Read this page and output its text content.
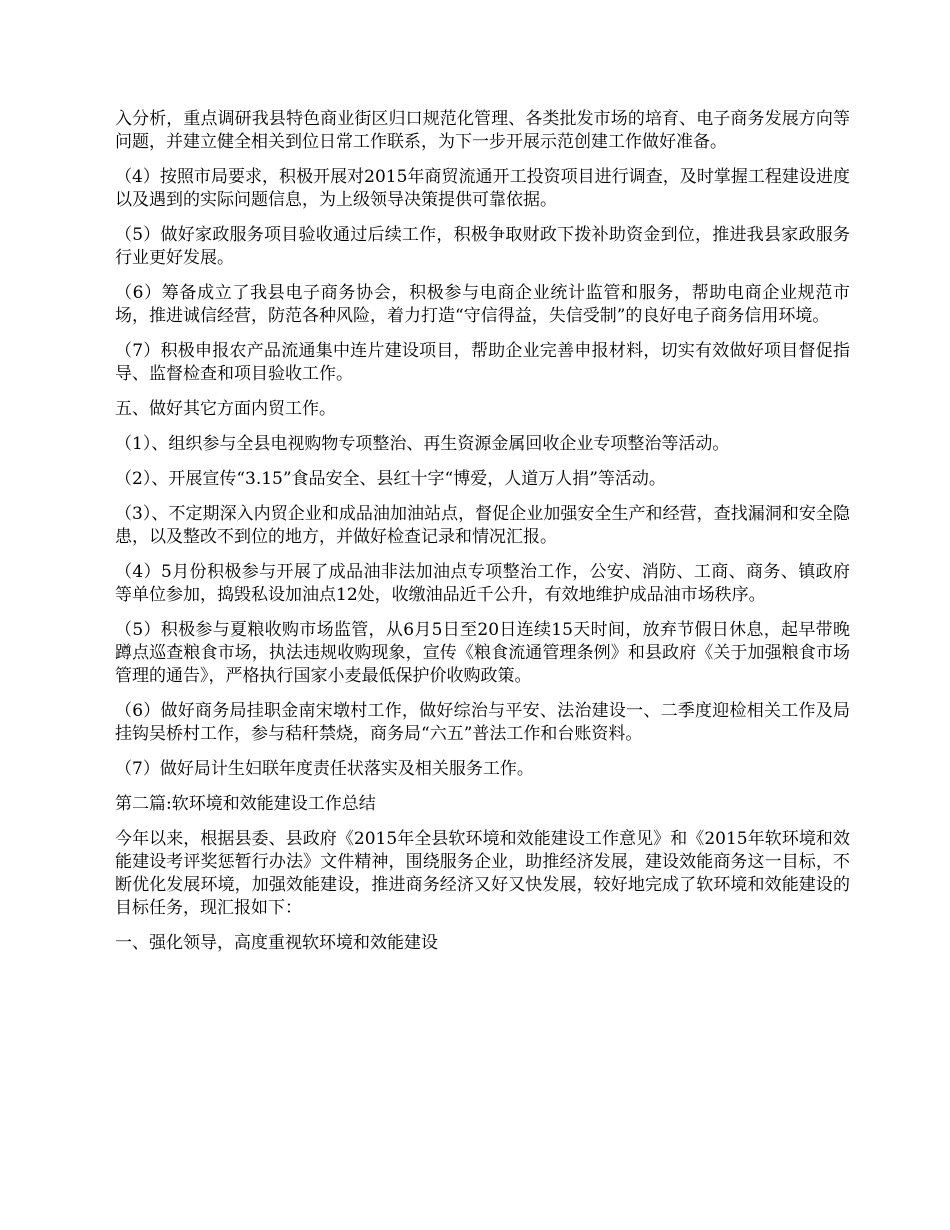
入分析，重点调研我县特色商业街区归口规范化管理、各类批发市场的培育、电子商务发展方向等问题，并建立健全相关到位日常工作联系，为下一步开展示范创建工作做好准备。

（4）按照市局要求，积极开展对2015年商贸流通开工投资项目进行调查，及时掌握工程建设进度以及遇到的实际问题信息，为上级领导决策提供可靠依据。

（5）做好家政服务项目验收通过后续工作，积极争取财政下拨补助资金到位，推进我县家政服务行业更好发展。

（6）筹备成立了我县电子商务协会，积极参与电商企业统计监管和服务，帮助电商企业规范市场，推进诚信经营，防范各种风险，着力打造“守信得益，失信受制”的良好电子商务信用环境。

（7）积极申报农产品流通集中连片建设项目，帮助企业完善申报材料，切实有效做好项目督促指导、监督检查和项目验收工作。

五、做好其它方面内贸工作。

（1）、组织参与全县电视购物专项整治、再生资源金属回收企业专项整治等活动。

（2）、开展宣传“3.15”食品安全、县红十字“博爱，人道万人捐”等活动。

（3）、不定期深入内贸企业和成品油加油站点，督促企业加强安全生产和经营，查找漏洞和安全隐患，以及整改不到位的地方，并做好检查记录和情况汇报。

（4）5月份积极参与开展了成品油非法加油点专项整治工作，公安、消防、工商、商务、镇政府等单位参加，捣毁私设加油点12处，收缴油品近千公升，有效地维护成品油市场秩序。

（5）积极参与夏粮收购市场监管，从6月5日至20日连续15天时间，放弃节假日休息，起早带晚蹲点巡查粮食市场，执法违规收购现象，宣传《粮食流通管理条例》和县政府《关于加强粮食市场管理的通告》，严格执行国家小麦最低保护价收购政策。

（6）做好商务局挂职金南宋墩村工作，做好综治与平安、法治建设一、二季度迎检相关工作及局挂钩吴桥村工作，参与秸秆禁烧，商务局“六五”普法工作和台账资料。

（7）做好局计生妇联年度责任状落实及相关服务工作。

第二篇:软环境和效能建设工作总结

今年以来，根据县委、县政府《2015年全县软环境和效能建设工作意见》和《2015年软环境和效能建设考评奖惩暂行办法》文件精神，围绕服务企业，助推经济发展，建设效能商务这一目标，不断优化发展环境，加强效能建设，推进商务经济又好又快发展，较好地完成了软环境和效能建设的目标任务，现汇报如下：

一、强化领导，高度重视软环境和效能建设
